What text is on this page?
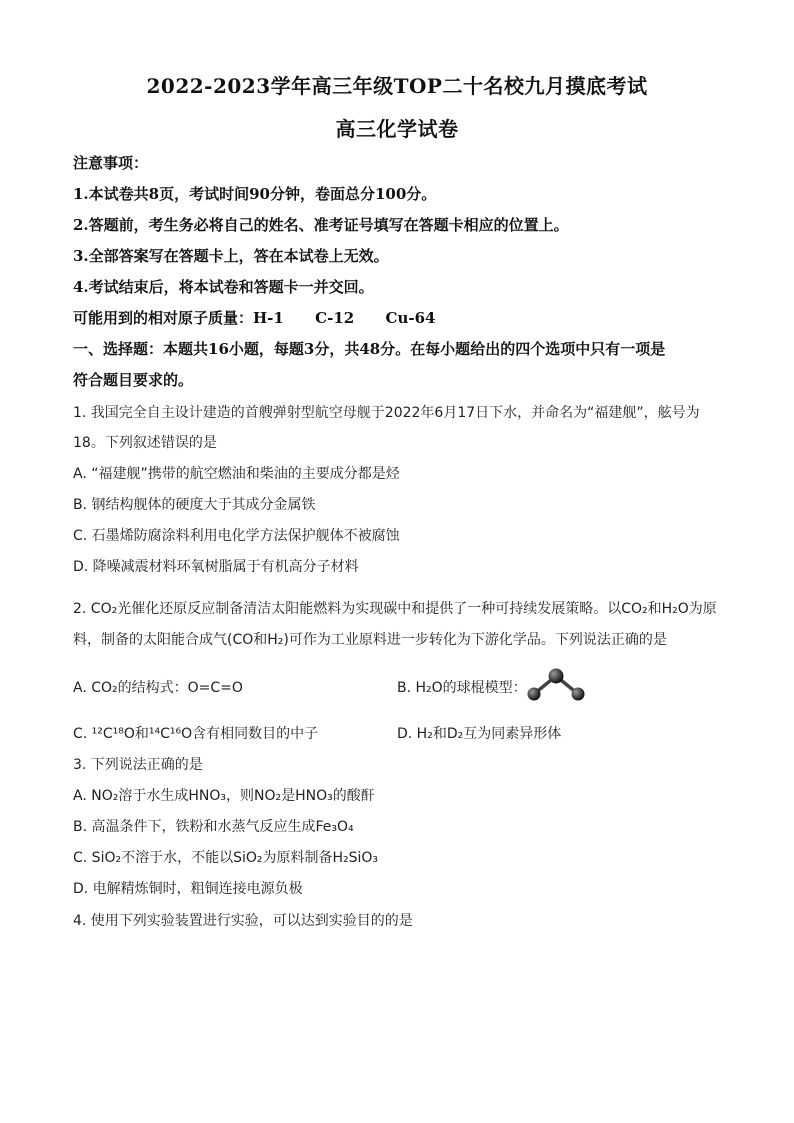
2022-2023学年高三年级TOP二十名校九月摸底考试
高三化学试卷
注意事项：
1.本试卷共8页，考试时间90分钟，卷面总分100分。
2.答题前，考生务必将自己的姓名、准考证号填写在答题卡相应的位置上。
3.全部答案写在答题卡上，答在本试卷上无效。
4.考试结束后，将本试卷和答题卡一并交回。
可能用到的相对原子质量：H-1      C-12      Cu-64
一、选择题：本题共16小题，每题3分，共48分。在每小题给出的四个选项中只有一项是
符合题目要求的。
1. 我国完全自主设计建造的首艘弹射型航空母舰于2022年6月17日下水，并命名为“福建舰”，舷号为
18。下列叙述错误的是
A. “福建舰”携带的航空燃油和柴油的主要成分都是烃
B. 钢结构舰体的硬度大于其成分金属铁
C. 石墨烯防腐涂料利用电化学方法保护舰体不被腐蚀
D. 降噪减震材料环氧树脂属于有机高分子材料
2. CO₂光催化还原反应制备清洁太阳能燃料为实现碳中和提供了一种可持续发展策略。以CO₂和H₂O为原
料，制备的太阳能合成气(CO和H₂)可作为工业原料进一步转化为下游化学品。下列说法正确的是
A. CO₂的结构式：O=C=O	B. H₂O的球棍模型：
C. ¹²C¹⁸O和¹⁴C¹⁶O含有相同数目的中子	D. H₂和D₂互为同素异形体
3. 下列说法正确的是
A. NO₂溶于水生成HNO₃，则NO₂是HNO₃的酸酐
B. 高温条件下，铁粉和水蒸气反应生成Fe₃O₄
C. SiO₂不溶于水，不能以SiO₂为原料制备H₂SiO₃
D. 电解精炼铜时，粗铜连接电源负极
4. 使用下列实验装置进行实验，可以达到实验目的的是
